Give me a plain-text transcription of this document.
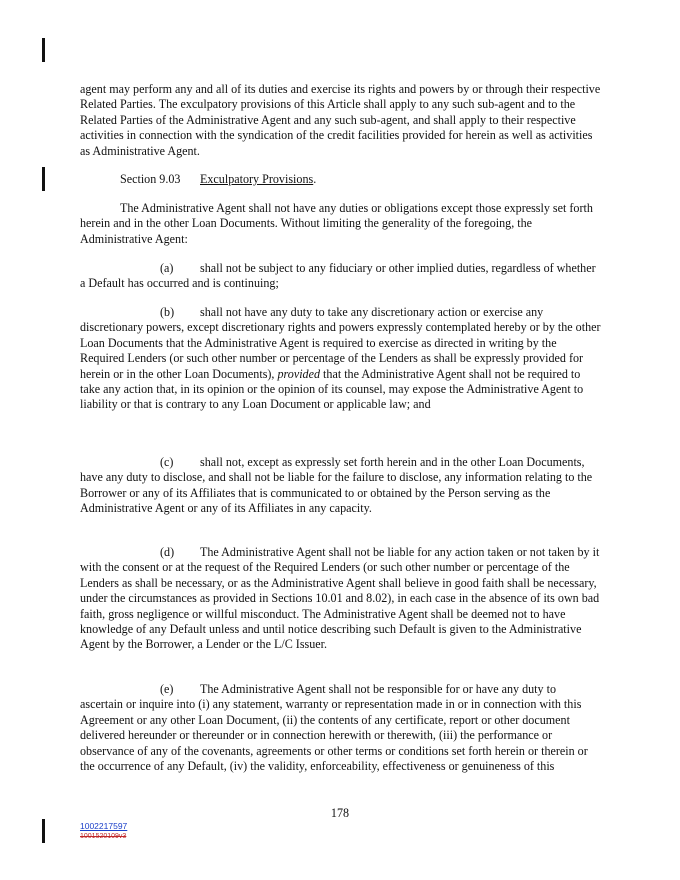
agent may perform any and all of its duties and exercise its rights and powers by or through their respective Related Parties. The exculpatory provisions of this Article shall apply to any such sub-agent and to the Related Parties of the Administrative Agent and any such sub-agent, and shall apply to their respective activities in connection with the syndication of the credit facilities provided for herein as well as activities as Administrative Agent.

Section 9.03 Exculpatory Provisions.

The Administrative Agent shall not have any duties or obligations except those expressly set forth herein and in the other Loan Documents. Without limiting the generality of the foregoing, the Administrative Agent:

(a) shall not be subject to any fiduciary or other implied duties, regardless of whether a Default has occurred and is continuing;

(b) shall not have any duty to take any discretionary action or exercise any discretionary powers, except discretionary rights and powers expressly contemplated hereby or by the other Loan Documents that the Administrative Agent is required to exercise as directed in writing by the Required Lenders (or such other number or percentage of the Lenders as shall be expressly provided for herein or in the other Loan Documents), provided that the Administrative Agent shall not be required to take any action that, in its opinion or the opinion of its counsel, may expose the Administrative Agent to liability or that is contrary to any Loan Document or applicable law; and

(c) shall not, except as expressly set forth herein and in the other Loan Documents, have any duty to disclose, and shall not be liable for the failure to disclose, any information relating to the Borrower or any of its Affiliates that is communicated to or obtained by the Person serving as the Administrative Agent or any of its Affiliates in any capacity.

(d) The Administrative Agent shall not be liable for any action taken or not taken by it with the consent or at the request of the Required Lenders (or such other number or percentage of the Lenders as shall be necessary, or as the Administrative Agent shall believe in good faith shall be necessary, under the circumstances as provided in Sections 10.01 and 8.02), in each case in the absence of its own bad faith, gross negligence or willful misconduct. The Administrative Agent shall be deemed not to have knowledge of any Default unless and until notice describing such Default is given to the Administrative Agent by the Borrower, a Lender or the L/C Issuer.

(e) The Administrative Agent shall not be responsible for or have any duty to ascertain or inquire into (i) any statement, warranty or representation made in or in connection with this Agreement or any other Loan Document, (ii) the contents of any certificate, report or other document delivered hereunder or thereunder or in connection herewith or therewith, (iii) the performance or observance of any of the covenants, agreements or other terms or conditions set forth herein or therein or the occurrence of any Default, (iv) the validity, enforceability, effectiveness or genuineness of this

178
1002217597
1001520109v3
